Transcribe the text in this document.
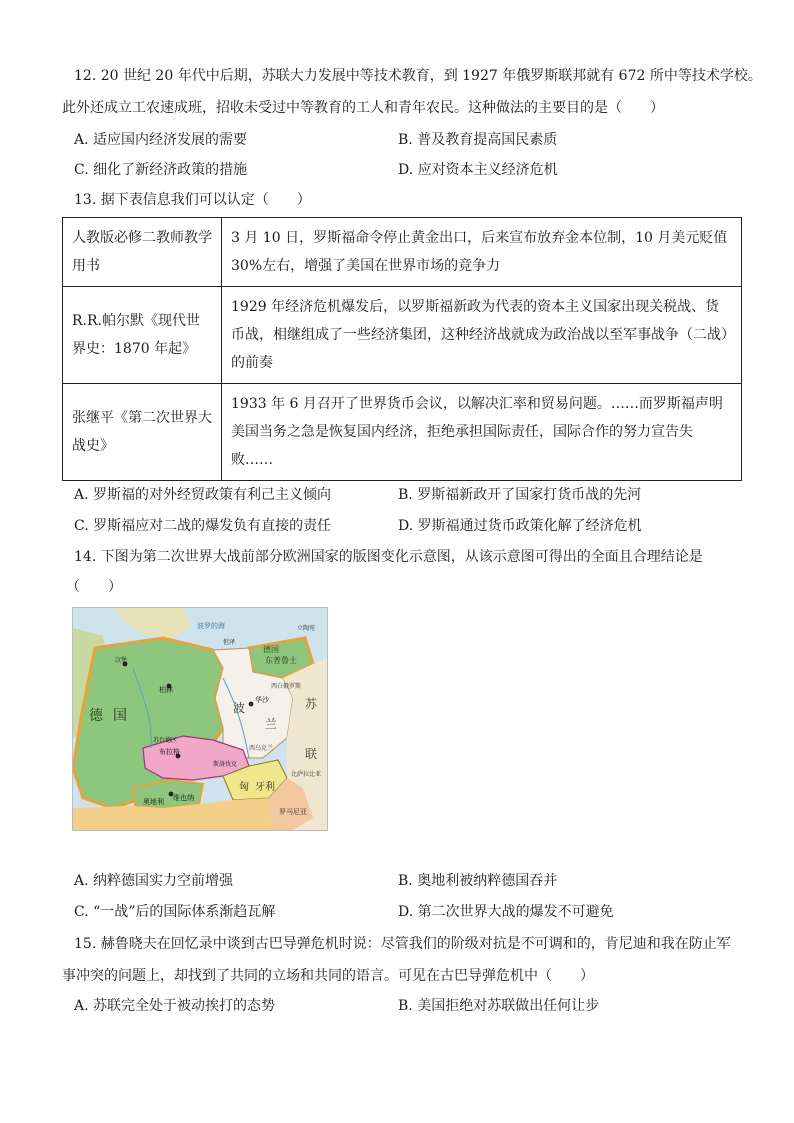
12. 20 世纪 20 年代中后期，苏联大力发展中等技术教育，到 1927 年俄罗斯联邦就有 672 所中等技术学校。
此外还成立工农速成班，招收未受过中等教育的工人和青年农民。这种做法的主要目的是（　　）
A. 适应国内经济发展的需要	B. 普及教育提高国民素质
C. 细化了新经济政策的措施	D. 应对资本主义经济危机
13. 据下表信息我们可以认定（　　）
人教版必修二教师教学用书	3 月 10 日，罗斯福命令停止黄金出口，后来宣布放弃金本位制，10 月美元贬值 30%左右，增强了美国在世界市场的竞争力
R.R.帕尔默《现代世界史：1870 年起》	1929 年经济危机爆发后，以罗斯福新政为代表的资本主义国家出现关税战、货币战，相继组成了一些经济集团，这种经济战就成为政治战以至军事战争（二战）的前奏
张继平《第二次世界大战史》	1933 年 6 月召开了世界货币会议，以解决汇率和贸易问题。……而罗斯福声明美国当务之急是恢复国内经济，拒绝承担国际责任，国际合作的努力宣告失败……
A. 罗斯福的对外经贸政策有利己主义倾向	B. 罗斯福新政开了国家打货币战的先河
C. 罗斯福应对二战的爆发负有直接的责任	D. 罗斯福通过货币政策化解了经济危机
14. 下图为第二次世界大战前部分欧洲国家的版图变化示意图，从该示意图可得出的全面且合理结论是
（　　）
德 国
东普鲁士
德国
波
兰
苏
联
柏林
华沙
布拉格
斯洛伐克
苏台德区
维也纳
奥地利
匈 牙利
罗马尼亚
波罗的海	立陶宛
但泽
汉堡
西白俄罗斯
西乌克兰
比萨拉比亚
A. 纳粹德国实力空前增强	B. 奥地利被纳粹德国吞并
C. “一战”后的国际体系渐趋瓦解	D. 第二次世界大战的爆发不可避免
15. 赫鲁晓夫在回忆录中谈到古巴导弹危机时说：尽管我们的阶级对抗是不可调和的，肯尼迪和我在防止军
事冲突的问题上，却找到了共同的立场和共同的语言。可见在古巴导弹危机中（　　）
A. 苏联完全处于被动挨打的态势	B. 美国拒绝对苏联做出任何让步
